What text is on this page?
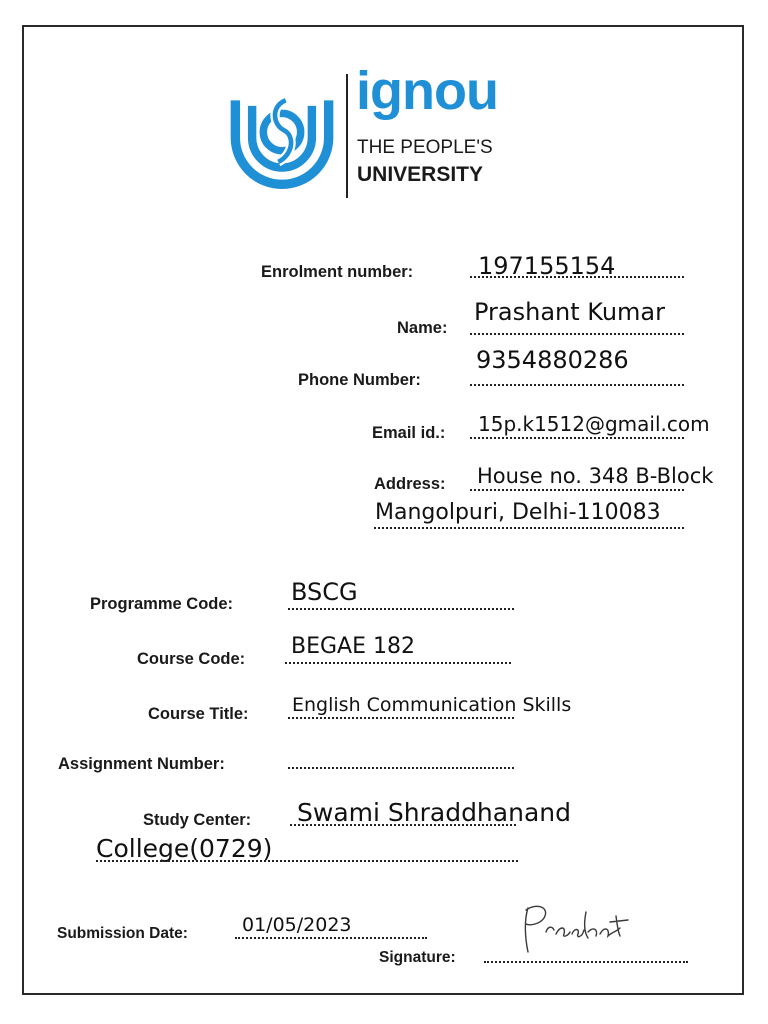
ignou
THE PEOPLE'S
UNIVERSITY
Enrolment number:	197155154
Name:
Prashant Kumar
Phone Number:
9354880286
Email id.: 15p.k1512@gmail.com
Address: House no. 348 B-Block
Mangolpuri, Delhi-110083
Programme Code: BSCG
Course Code: BEGAE 182
Course Title: English Communication Skills
Assignment Number:
Study Center: Swami Shraddhanand
College(0729)
Submission Date:	01/05/2023
Signature:
